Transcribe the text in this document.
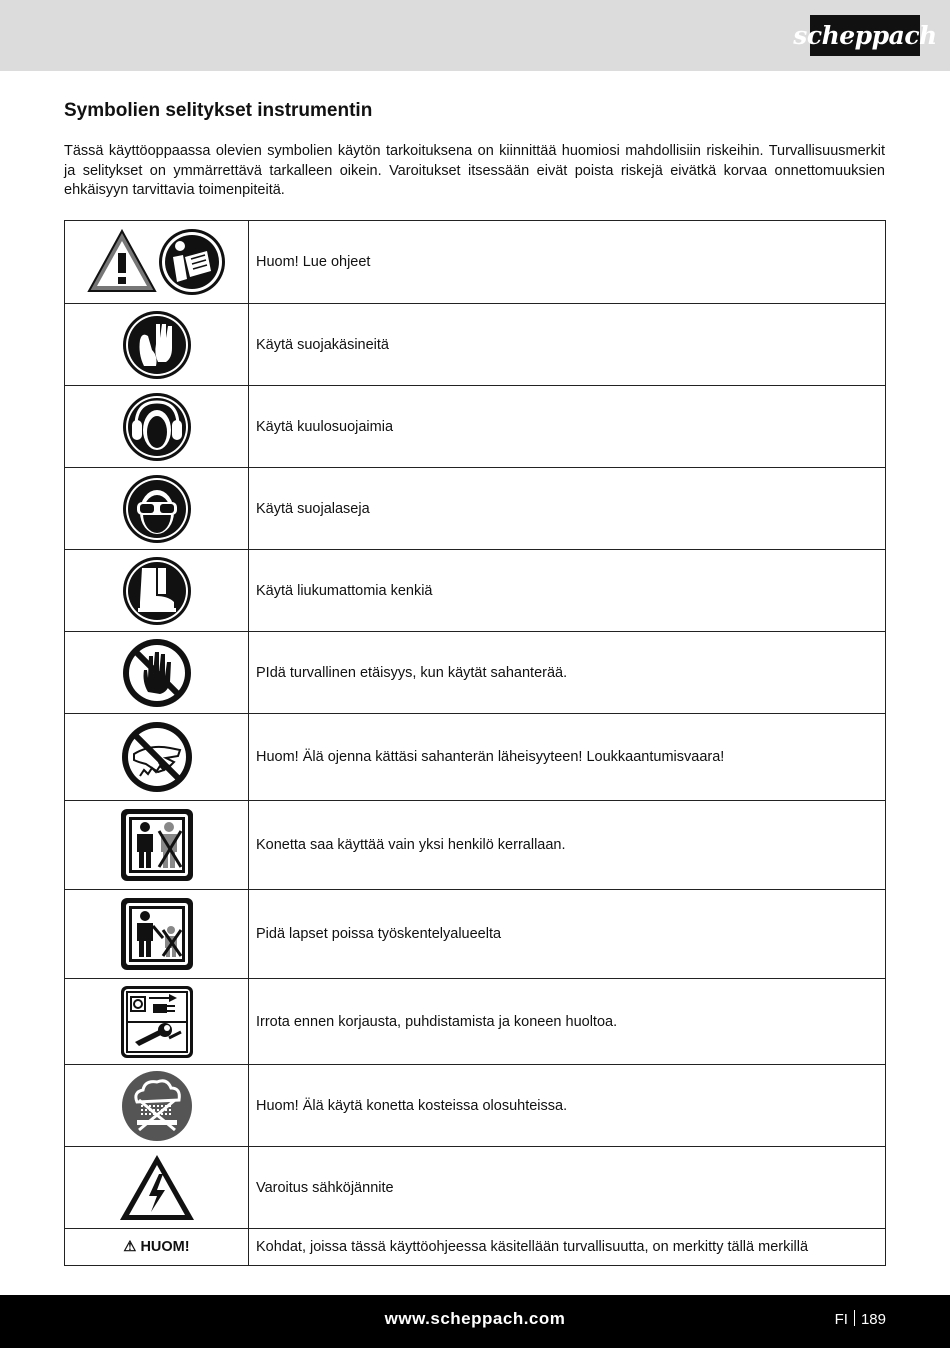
scheppach
Symbolien selitykset instrumentin

Tässä käyttöoppaassa olevien symbolien käytön tarkoituksena on kiinnittää huomiosi mahdollisiin riskeihin. Turvallisuusmerkit ja selitykset on ymmärrettävä tarkalleen oikein. Varoitukset itsessään eivät poista riskejä eivätkä korvaa onnettomuuksien ehkäisyyn tarvittavia toimenpiteitä.

	Huom! Lue ohjeet

	Käytä suojakäsineitä

	Käytä kuulosuojaimia

	Käytä suojalaseja

	Käytä liukumattomia kenkiä

	PIdä turvallinen etäisyys, kun käytät sahanterää.

	Huom! Älä ojenna kättäsi sahanterän läheisyyteen! Loukkaantumisvaara!

	Konetta saa käyttää vain yksi henkilö kerrallaan.

	Pidä lapset poissa työskentelyalueelta

	Irrota ennen korjausta, puhdistamista ja koneen huoltoa.

	Huom! Älä käytä konetta kosteissa olosuhteissa.

	Varoitus sähköjännite
⚠ HUOM!	Kohdat, joissa tässä käyttöohjeessa käsitellään turvallisuutta, on merkitty tällä merkillä
www.scheppach.com	FI 189
